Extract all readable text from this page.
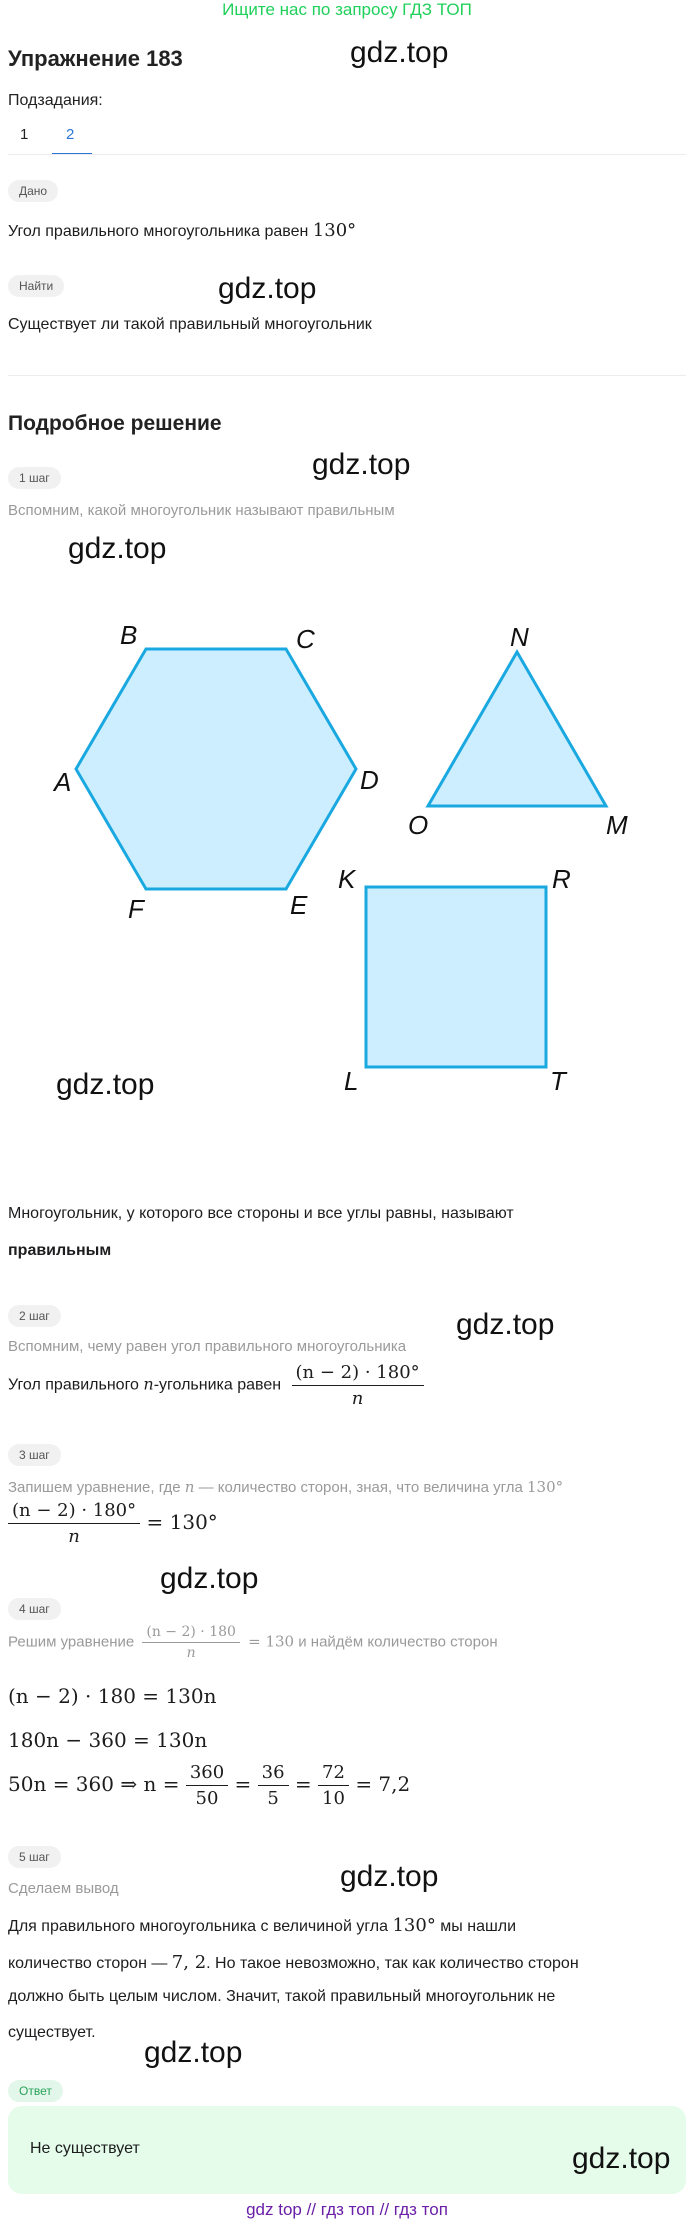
Ищите нас по запросу ГДЗ ТОП
Упражнение 183	gdz.top
Подзадания:
1	2
Дано
Угол правильного многоугольника равен 130°
Найти	gdz.top
Существует ли такой правильный многоугольник
Подробное решение
1 шаг	gdz.top
Вспомним, какой многоугольник называют правильным
gdz.top
A
B	C
D
E
F
N
O	M
K	R
L	T
gdz.top
Многоугольник, у которого все стороны и все углы равны, называют
правильным
2 шаг	gdz.top
Вспомним, чему равен угол правильного многоугольника
Угол правильного n-угольника равен $\frac{(n - 2) \cdot 180^\circ}{n}$
3 шаг
Запишем уравнение, где n — количество сторон, зная, что величина угла 130°
$\frac{(n - 2) \cdot 180^\circ}{n} = 130^\circ$
gdz.top
4 шаг
Решим уравнение $\frac{(n - 2) \cdot 180}{n} = 130$ и найдём количество сторон
(n − 2) · 180 = 130n
180n − 360 = 130n
50n = 360 ⇒ $n = \frac{360}{50} = \frac{36}{5} = \frac{72}{10} = 7,2$
5 шаг
gdz.top
Сделаем вывод
Для правильного многоугольника с величиной угла 130° мы нашли
количество сторон — 7, 2. Но такое невозможно, так как количество сторон
должно быть целым числом. Значит, такой правильный многоугольник не
существует.
gdz.top
Ответ
Не существует	gdz.top
gdz top // гдз топ // гдз топ
